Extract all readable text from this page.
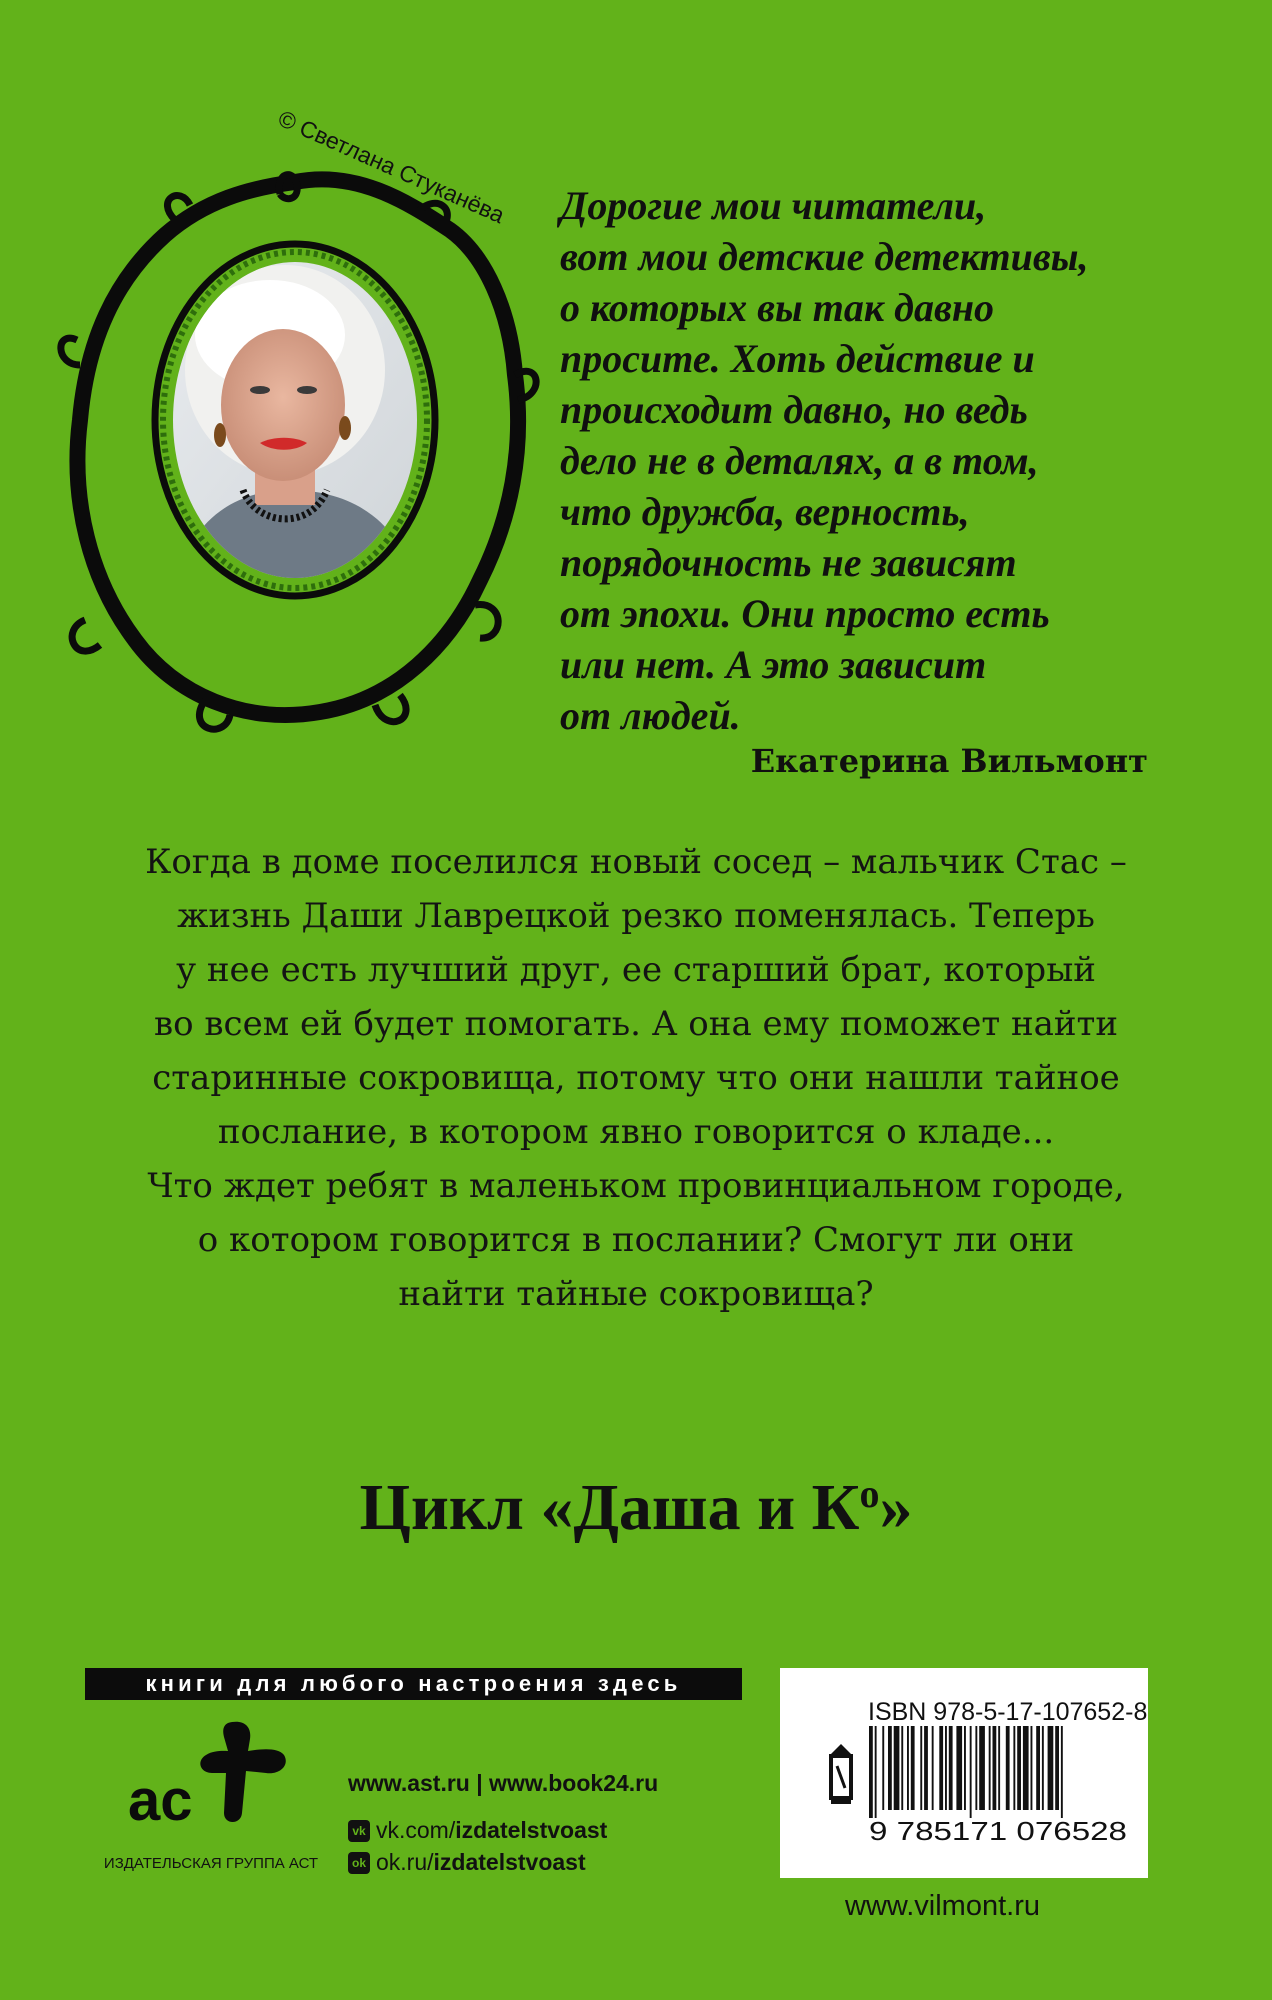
© Светлана Стуканёва Дорогие мои читатели,
вот мои детские детективы,
о которых вы так давно
просите. Хоть действие и
происходит давно, но ведь
дело не в деталях, а в том,
что дружба, верность,
порядочность не зависят
от эпохи. Они просто есть
или нет. А это зависит
от людей.
Екатерина Вильмонт
Когда в доме поселился новый сосед – мальчик Стас –
жизнь Даши Лаврецкой резко поменялась. Теперь
у нее есть лучший друг, ее старший брат, который
во всем ей будет помогать. А она ему поможет найти
старинные сокровища, потому что они нашли тайное
послание, в котором явно говорится о кладе...
Что ждет ребят в маленьком провинциальном городе,
о котором говорится в послании? Смогут ли они
найти тайные сокровища?
Цикл «Даша и $К^о$»
книги для любого настроения здесь
ас
ИЗДАТЕЛЬСКАЯ ГРУППА АСТ
www.ast.ru | www.book24.ru
vk vk.com/ izdatelstvoast
ok ok.ru/ izdatelstvoast
ISBN 978-5-17-107652-8
9 785171 076528
www.vilmont.ru
